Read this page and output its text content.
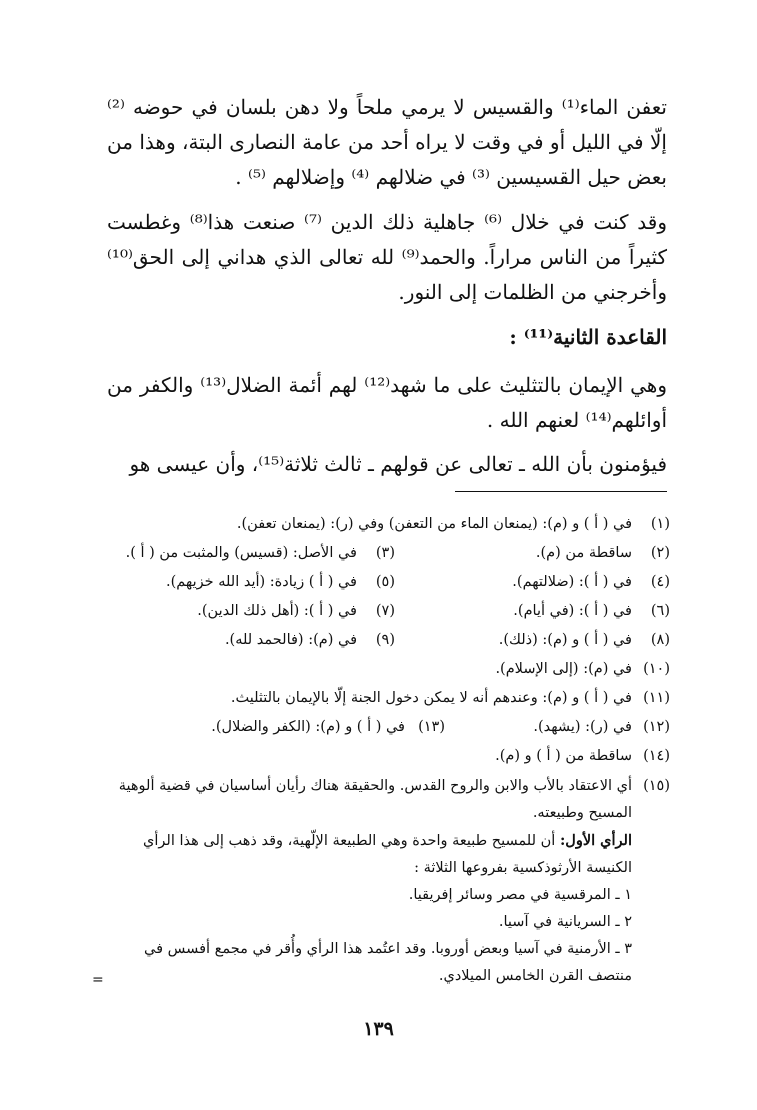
تعفن الماء⁽¹⁾ والقسيس لا يرمي ملحاً ولا دهن بلسان في حوضه ⁽²⁾ إلّا في الليل أو في وقت لا يراه أحد من عامة النصارى البتة، وهذا من بعض حيل القسيسين ⁽³⁾ في ضلالهم ⁽⁴⁾ وإضلالهم ⁽⁵⁾ .

وقد كنت في خلال ⁽⁶⁾ جاهلية ذلك الدين ⁽⁷⁾ صنعت هذا⁽⁸⁾ وغطست كثيراً من الناس مراراً. والحمد⁽⁹⁾ لله تعالى الذي هداني إلى الحق⁽¹⁰⁾ وأخرجني من الظلمات إلى النور.

القاعدة الثانية⁽¹¹⁾ :

وهي الإيمان بالتثليث على ما شهد⁽¹²⁾ لهم أئمة الضلال⁽¹³⁾ والكفر من أوائلهم⁽¹⁴⁾ لعنهم الله .

فيؤمنون بأن الله ـ تعالى عن قولهم ـ ثالث ثلاثة⁽¹⁵⁾، وأن عيسى هو

(١)
في ( أ ) و (م): (يمنعان الماء من التعفن) وفي (ر): (يمنعان تعفن).
(٢)
ساقطة من (م).
(٣)
في الأصل: (قسيس) والمثبت من ( أ ).
(٤)
في ( أ ): (ضلالتهم).
(٥)
في ( أ ) زيادة: (أيد الله خزيهم).
(٦)
في ( أ ): (في أيام).
(٧)
في ( أ ): (أهل ذلك الدين).
(٨)
في ( أ ) و (م): (ذلك).
(٩)
في (م): (فالحمد لله).
(١٠)
في (م): (إلى الإسلام).
(١١)
في ( أ ) و (م): وعندهم أنه لا يمكن دخول الجنة إلّا بالإيمان بالتثليث.
(١٢)
في (ر): (يشهد).
(١٣)
في ( أ ) و (م): (الكفر والضلال).
(١٤)
ساقطة من ( أ ) و (م).
(١٥)
أي الاعتقاد بالأب والابن والروح القدس. والحقيقة هناك رأيان أساسيان في قضية ألوهية
المسيح وطبيعته.
الرأي الأول: أن للمسيح طبيعة واحدة وهي الطبيعة الإلّهية، وقد ذهب إلى هذا الرأي
الكنيسة الأرثوذكسية بفروعها الثلاثة :
١ ـ المرقسية في مصر وسائر إفريقيا.
٢ ـ السريانية في آسيا.
٣ ـ الأرمنية في آسيا وبعض أوروبا. وقد اعتُمد هذا الرأي وأُقر في مجمع أفسس في
منتصف القرن الخامس الميلادي.
=
١٣٩
